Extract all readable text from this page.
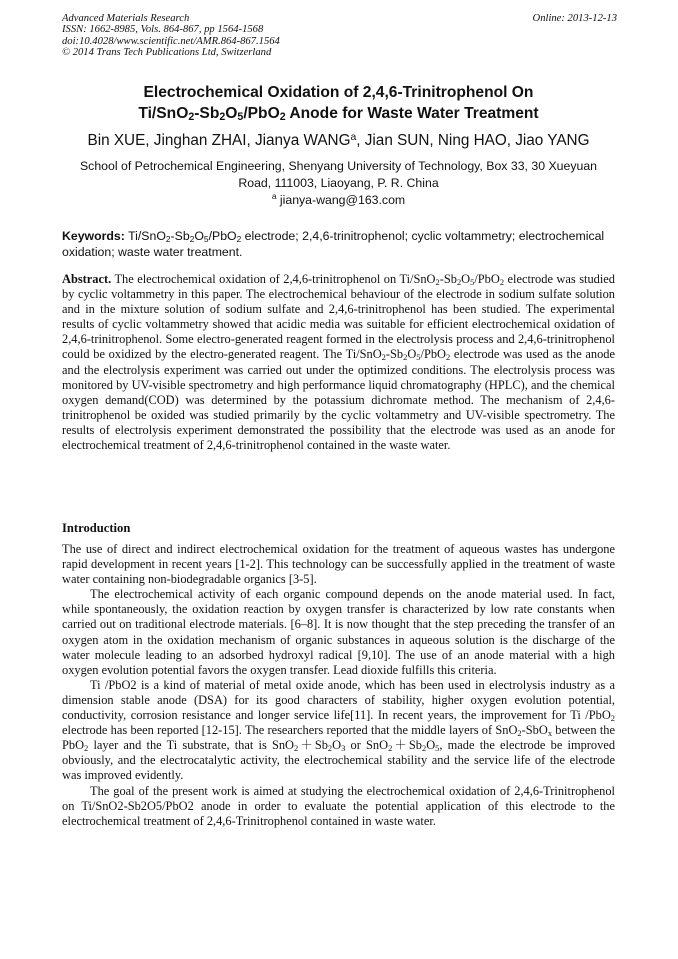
Advanced Materials Research
ISSN: 1662-8985, Vols. 864-867, pp 1564-1568
doi:10.4028/www.scientific.net/AMR.864-867.1564
© 2014 Trans Tech Publications Ltd, Switzerland
Online: 2013-12-13
Electrochemical Oxidation of 2,4,6-Trinitrophenol On
$Ti/SnO_2-Sb_2O_5/PbO_2$ Anode for Waste Water Treatment
Bin XUE, Jinghan ZHAI, Jianya WANG$^a$, Jian SUN, Ning HAO, Jiao YANG
School of Petrochemical Engineering, Shenyang University of Technology, Box 33, 30 Xueyuan Road, 111003, Liaoyang, P. R. China
$^a$ jianya-wang@163.com
Keywords: $Ti/SnO_2-Sb_2O_5/PbO_2$ electrode; 2,4,6-trinitrophenol; cyclic voltammetry; electrochemical oxidation; waste water treatment.
Abstract. The electrochemical oxidation of 2,4,6-trinitrophenol on $Ti/SnO_2-Sb_2O_5/PbO_2$ electrode was studied by cyclic voltammetry in this paper. The electrochemical behaviour of the electrode in sodium sulfate solution and in the mixture solution of sodium sulfate and 2,4,6-trinitrophenol has been studied. The experimental results of cyclic voltammetry showed that acidic media was suitable for efficient electrochemical oxidation of 2,4,6-trinitrophenol. Some electro-generated reagent formed in the electrolysis process and 2,4,6-trinitrophenol could be oxidized by the electro-generated reagent. The $Ti/SnO_2-Sb_2O_5/PbO_2$ electrode was used as the anode and the electrolysis experiment was carried out under the optimized conditions. The electrolysis process was monitored by UV-visible spectrometry and high performance liquid chromatography (HPLC), and the chemical oxygen demand(COD) was determined by the potassium dichromate method. The mechanism of 2,4,6-trinitrophenol be oxided was studied primarily by the cyclic voltammetry and UV-visible spectrometry. The results of electrolysis experiment demonstrated the possibility that the electrode was used as an anode for electrochemical treatment of 2,4,6-trinitrophenol contained in the waste water.
Introduction

The use of direct and indirect electrochemical oxidation for the treatment of aqueous wastes has undergone rapid development in recent years [1-2]. This technology can be successfully applied in the treatment of waste water containing non-biodegradable organics [3-5].

The electrochemical activity of each organic compound depends on the anode material used. In fact, while spontaneously, the oxidation reaction by oxygen transfer is characterized by low rate constants when carried out on traditional electrode materials. [6–8]. It is now thought that the step preceding the transfer of an oxygen atom in the oxidation mechanism of organic substances in aqueous solution is the discharge of the water molecule leading to an adsorbed hydroxyl radical [9,10]. The use of an anode material with a high oxygen evolution potential favors the oxygen transfer. Lead dioxide fulfills this criteria.

Ti /PbO2 is a kind of material of metal oxide anode, which has been used in electrolysis industry as a dimension stable anode (DSA) for its good characters of stability, higher oxygen evolution potential, conductivity, corrosion resistance and longer service life[11]. In recent years, the improvement for Ti /PbO$_2$ electrode has been reported [12-15]. The researchers reported that the middle layers of SnO$_2$-SbO$_x$ between the PbO$_2$ layer and the Ti substrate, that is $SnO_2+Sb_2O_3$ or $SnO_2+Sb_2O_5$, made the electrode be improved obviously, and the electrocatalytic activity, the electrochemical stability and the service life of the electrode was improved evidently.

The goal of the present work is aimed at studying the electrochemical oxidation of 2,4,6-Trinitrophenol on Ti/SnO2-Sb2O5/PbO2 anode in order to evaluate the potential application of this electrode to the electrochemical treatment of 2,4,6-Trinitrophenol contained in waste water.
